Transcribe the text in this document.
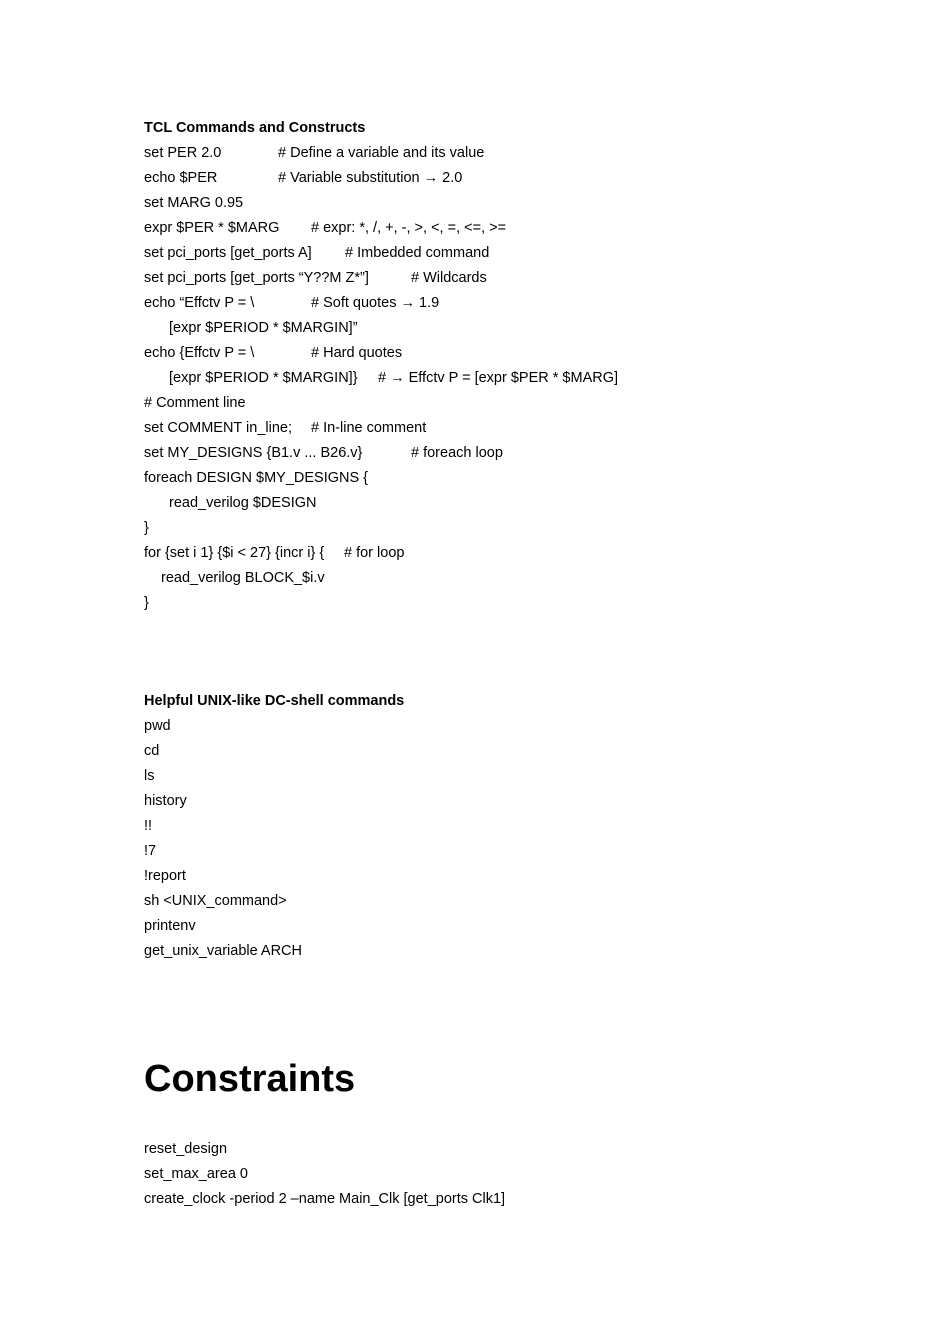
TCL Commands and Constructs
set PER 2.0	# Define a variable and its value
echo $PER	# Variable substitution → 2.0
set MARG 0.95
expr $PER * $MARG # expr: *, /, +, -, >, <, =, <=, >=
set pci_ports [get_ports A] # Imbedded command
set pci_ports [get_ports “Y??M Z*”]	# Wildcards
echo “Effctv P = \	# Soft quotes → 1.9
[expr $PERIOD * $MARGIN]”
echo {Effctv P = \	# Hard quotes
[expr $PERIOD * $MARGIN]} # → Effctv P = [expr $PER * $MARG]
# Comment line
set COMMENT in_line; # In-line comment
set MY_DESIGNS {B1.v ... B26.v}	# foreach loop
foreach DESIGN $MY_DESIGNS {
read_verilog $DESIGN
}
for {set i 1} {$i < 27} {incr i} { # for loop
read_verilog BLOCK_$i.v
}
Helpful UNIX-like DC-shell commands
pwd
cd
ls
history
!!
!7
!report
sh <UNIX_command>
printenv
get_unix_variable ARCH
Constraints
reset_design
set_max_area 0
create_clock -period 2 –name Main_Clk [get_ports Clk1]
